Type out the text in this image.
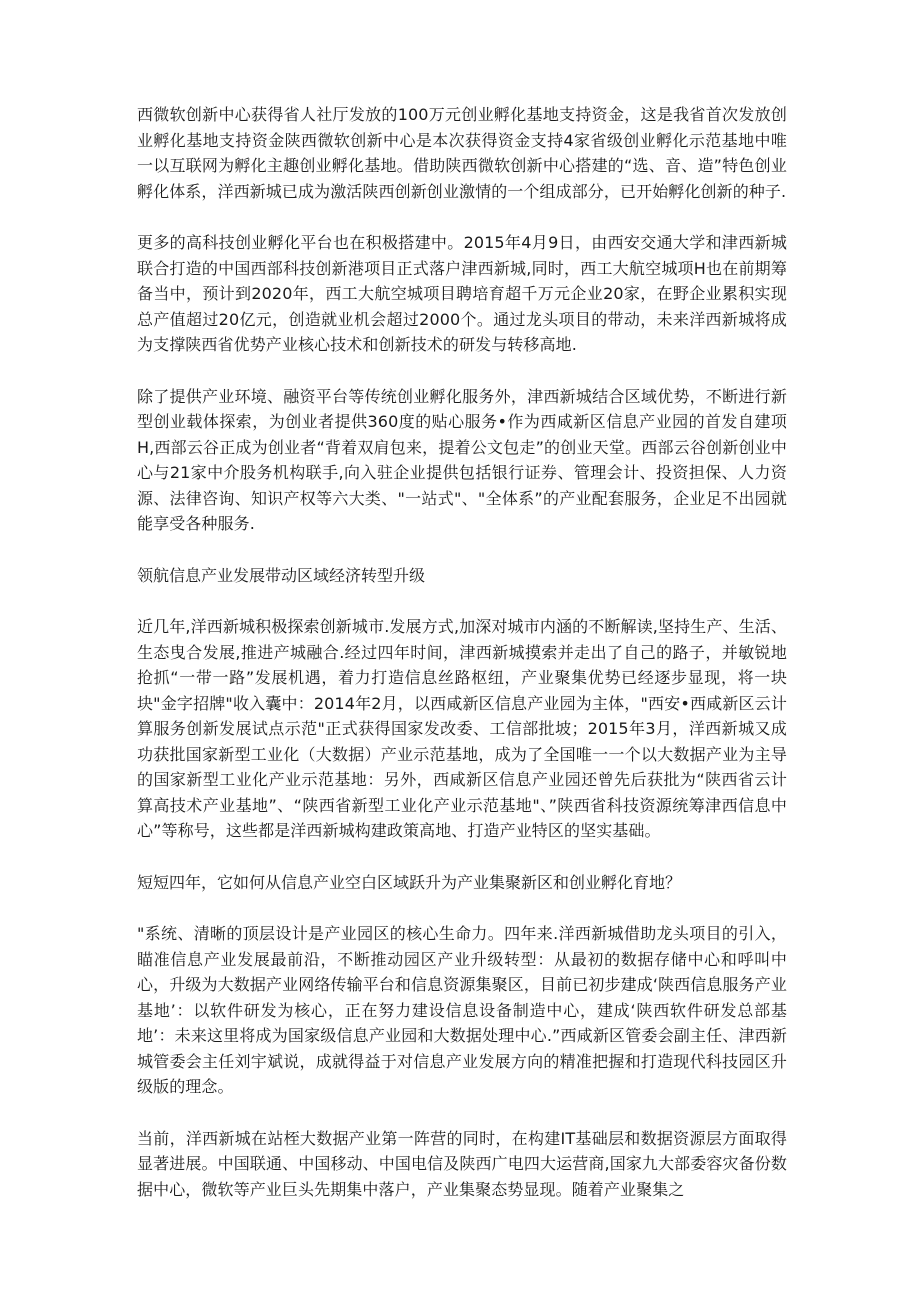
西微软创新中心获得省人社厅发放的100万元创业孵化基地支持资金，这是我省首次发放创业孵化基地支持资金陕西微软创新中心是本次获得资金支持4家省级创业孵化示范基地中唯一以互联网为孵化主趣创业孵化基地。借助陕西微软创新中心搭建的“选、音、造”特色创业孵化体系，洋西新城已成为激活陕西创新创业激情的一个组成部分，已开始孵化创新的种子.

更多的高科技创业孵化平台也在积极搭建中。2015年4月9日，由西安交通大学和津西新城联合打造的中国西部科技创新港项目正式落户津西新城,同时，西工大航空城项H也在前期筹备当中，预计到2020年，西工大航空城项目聘培育超千万元企业20家，在野企业累积实现总产值超过20亿元，创造就业机会超过2000个。通过龙头项目的带动，未来洋西新城将成为支撑陕西省优势产业核心技术和创新技术的研发与转移高地.

除了提供产业环境、融资平台等传统创业孵化服务外，津西新城结合区域优势，不断进行新型创业载体探索，为创业者提供360度的贴心服务•作为西咸新区信息产业园的首发自建项H,西部云谷正成为创业者“背着双肩包来，提着公文包走”的创业天堂。西部云谷创新创业中心与21家中介股务机构联手,向入驻企业提供包括银行证券、管理会计、投资担保、人力资源、法律咨询、知识产权等六大类、"一站式"、"全体系”的产业配套服务，企业足不出园就能享受各种服务.

领航信息产业发展带动区域经济转型升级

近几年,洋西新城积极探索创新城市.发展方式,加深对城市内涵的不断解读,坚持生产、生活、生态曳合发展,推进产城融合.经过四年时间，津西新城摸索并走出了自己的路子，并敏锐地抢抓“一带一路”发展机遇，着力打造信息丝路枢纽，产业聚集优势已经逐步显现，将一块块"金字招牌"收入囊中：2014年2月，以西咸新区信息产业园为主体，"西安•西咸新区云计算服务创新发展试点示范"正式获得国家发改委、工信部批坡；2015年3月，洋西新城又成功获批国家新型工业化（大数据）产业示范基地，成为了全国唯一一个以大数据产业为主导的国家新型工业化产业示范基地：另外，西咸新区信息产业园还曾先后获批为“陕西省云计算高技术产业基地”、“陕西省新型工业化产业示范基地"、”陕西省科技资源统筹津西信息中心”等称号，这些都是洋西新城构建政策高地、打造产业特区的坚实基础。

短短四年，它如何从信息产业空白区域跃升为产业集聚新区和创业孵化育地？

"系统、清晰的顶层设计是产业园区的核心生命力。四年来.洋西新城借助龙头项目的引入，瞄准信息产业发展最前沿，不断推动园区产业升级转型：从最初的数据存储中心和呼叫中心，升级为大数据产业网络传输平台和信息资源集聚区，目前已初步建成‘陕西信息服务产业基地’：以软件研发为核心，正在努力建设信息设备制造中心，建成‘陕西软件研发总部基地’：未来这里将成为国家级信息产业园和大数据处理中心.”西咸新区管委会副主任、津西新城管委会主任刘宇斌说，成就得益于对信息产业发展方向的精准把握和打造现代科技园区升级版的理念。

当前，洋西新城在站桎大数据产业第一阵营的同时，在构建IT基础层和数据资源层方面取得显著进展。中国联通、中国移动、中国电信及陕西广电四大运营商,国家九大部委容灾备份数据中心，微软等产业巨头先期集中落户，产业集聚态势显现。随着产业聚集之
